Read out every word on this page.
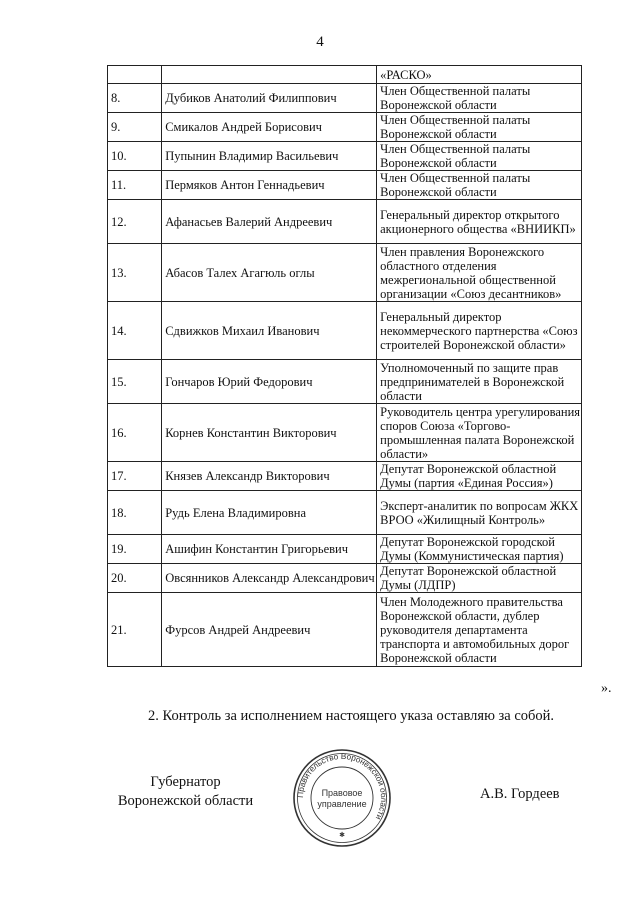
4
		«РАСКО»
8.	Дубиков Анатолий Филиппович	Член Общественной палаты Воронежской области
9.	Смикалов Андрей Борисович	Член Общественной палаты Воронежской области
10.	Пупынин Владимир Васильевич	Член Общественной палаты Воронежской области
11.	Пермяков Антон Геннадьевич	Член Общественной палаты Воронежской области
12.	Афанасьев Валерий Андреевич	Генеральный директор открытого акционерного общества «ВНИИКП»
13.	Абасов Талех Агагюль оглы	Член правления Воронежского областного отделения межрегиональной общественной организации «Союз десантников»
14.	Сдвижков Михаил Иванович	Генеральный директор некоммерческого партнерства «Союз строителей Воронежской области»
15.	Гончаров Юрий Федорович	Уполномоченный по защите прав предпринимателей в Воронежской области
16.	Корнев Константин Викторович	Руководитель центра урегулирования споров Союза «Торгово-промышленная палата Воронежской области»
17.	Князев Александр Викторович	Депутат Воронежской областной Думы (партия «Единая Россия»)
18.	Рудь Елена Владимировна	Эксперт-аналитик по вопросам ЖКХ ВРОО «Жилищный Контроль»
19.	Ашифин Константин Григорьевич	Депутат Воронежской городской Думы (Коммунистическая партия)
20.	Овсянников Александр Александрович	Депутат Воронежской областной Думы (ЛДПР)
21.	Фурсов Андрей Андреевич	Член Молодежного правительства Воронежской области, дублер руководителя департамента транспорта и автомобильных дорог Воронежской области
».
2. Контроль за исполнением настоящего указа оставляю за собой.
Губернатор
Воронежской области	Правительство Воронежской области
Правовое
управление
✱
А.В. Гордеев
